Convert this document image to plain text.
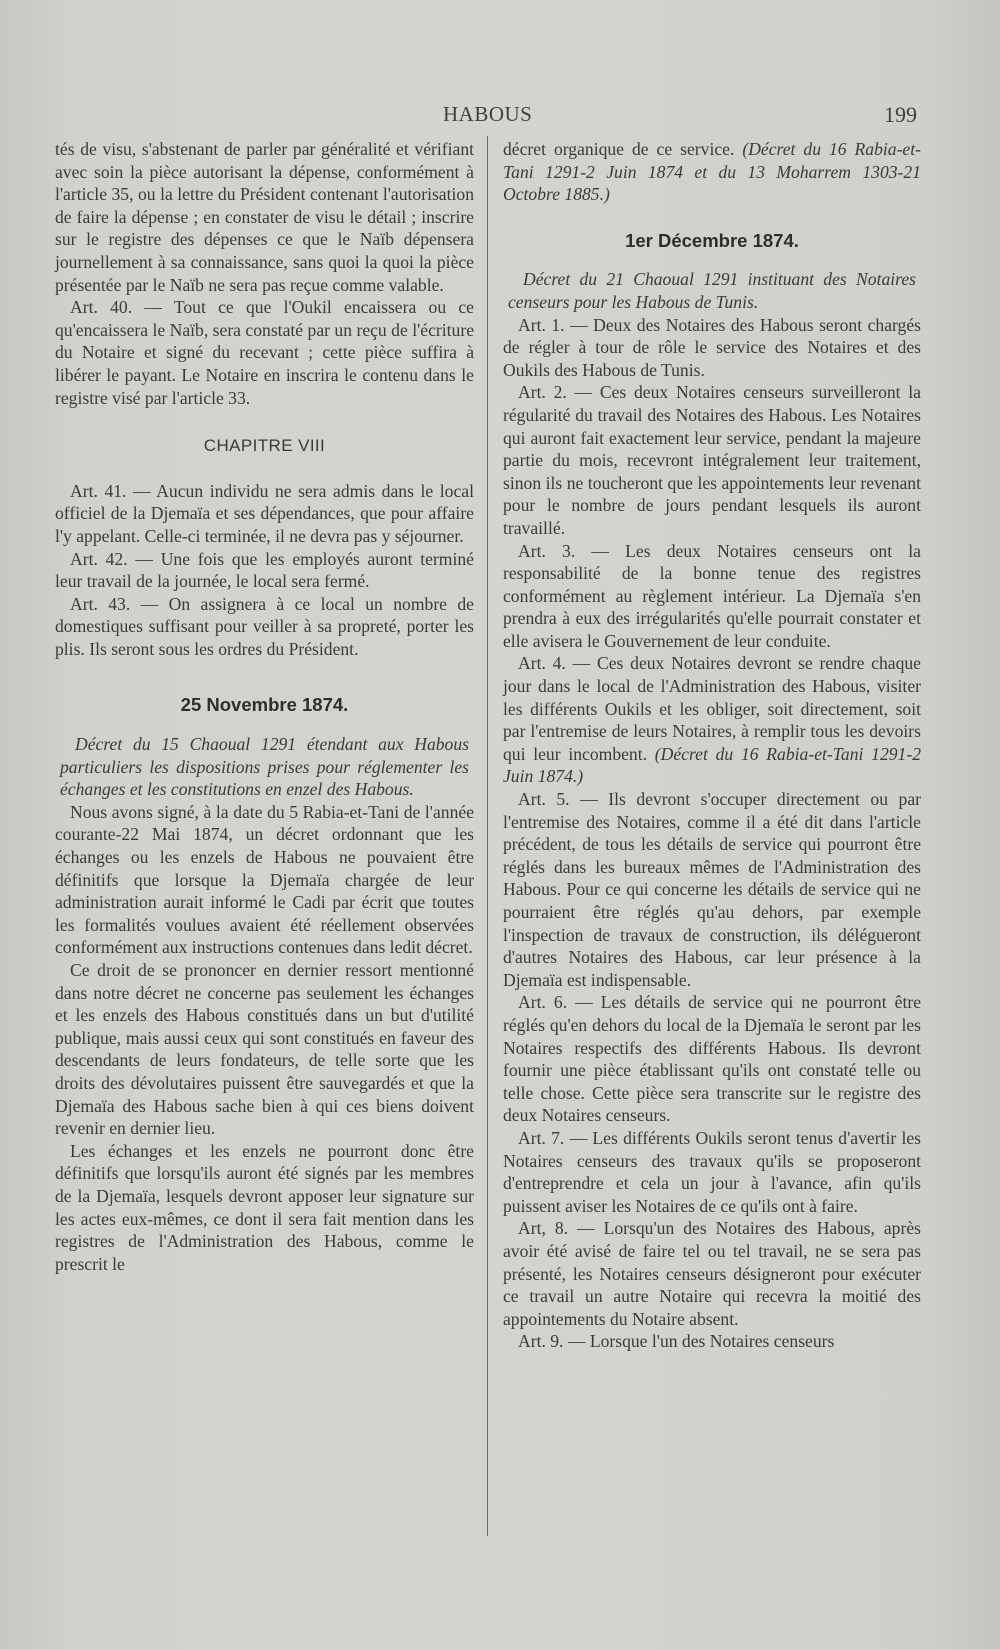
HABOUS	199

tés de visu, s'abstenant de parler par généralité et vérifiant avec soin la pièce autorisant la dépense, conformément à l'article 35, ou la lettre du Président contenant l'autorisation de faire la dépense ; en constater de visu le détail ; inscrire sur le registre des dépenses ce que le Naïb dépensera journellement à sa connaissance, sans quoi la quoi la pièce présentée par le Naïb ne sera pas reçue comme valable.

Art. 40. — Tout ce que l'Oukil encaissera ou ce qu'encaissera le Naïb, sera constaté par un reçu de l'écriture du Notaire et signé du recevant ; cette pièce suffira à libérer le payant. Le Notaire en inscrira le contenu dans le registre visé par l'article 33.

CHAPITRE VIII

Art. 41. — Aucun individu ne sera admis dans le local officiel de la Djemaïa et ses dépendances, que pour affaire l'y appelant. Celle-ci terminée, il ne devra pas y séjourner.

Art. 42. — Une fois que les employés auront terminé leur travail de la journée, le local sera fermé.

Art. 43. — On assignera à ce local un nombre de domestiques suffisant pour veiller à sa propreté, porter les plis. Ils seront sous les ordres du Président.

25 Novembre 1874.

Décret du 15 Chaoual 1291 étendant aux Habous particuliers les dispositions prises pour réglementer les échanges et les constitutions en enzel des Habous.

Nous avons signé, à la date du 5 Rabia-et-Tani de l'année courante-22 Mai 1874, un décret ordonnant que les échanges ou les enzels de Habous ne pouvaient être définitifs que lorsque la Djemaïa chargée de leur administration aurait informé le Cadi par écrit que toutes les formalités voulues avaient été réellement observées conformément aux instructions contenues dans ledit décret.

Ce droit de se prononcer en dernier ressort mentionné dans notre décret ne concerne pas seulement les échanges et les enzels des Habous constitués dans un but d'utilité publique, mais aussi ceux qui sont constitués en faveur des descendants de leurs fondateurs, de telle sorte que les droits des dévolutaires puissent être sauvegardés et que la Djemaïa des Habous sache bien à qui ces biens doivent revenir en dernier lieu.

Les échanges et les enzels ne pourront donc être définitifs que lorsqu'ils auront été signés par les membres de la Djemaïa, lesquels devront apposer leur signature sur les actes eux-mêmes, ce dont il sera fait mention dans les registres de l'Administration des Habous, comme le prescrit le

décret organique de ce service. (Décret du 16 Rabia-et-Tani 1291-2 Juin 1874 et du 13 Moharrem 1303-21 Octobre 1885.)

1er Décembre 1874.

Décret du 21 Chaoual 1291 instituant des Notaires censeurs pour les Habous de Tunis.

Art. 1. — Deux des Notaires des Habous seront chargés de régler à tour de rôle le service des Notaires et des Oukils des Habous de Tunis.

Art. 2. — Ces deux Notaires censeurs surveilleront la régularité du travail des Notaires des Habous. Les Notaires qui auront fait exactement leur service, pendant la majeure partie du mois, recevront intégralement leur traitement, sinon ils ne toucheront que les appointements leur revenant pour le nombre de jours pendant lesquels ils auront travaillé.

Art. 3. — Les deux Notaires censeurs ont la responsabilité de la bonne tenue des registres conformément au règlement intérieur. La Djemaïa s'en prendra à eux des irrégularités qu'elle pourrait constater et elle avisera le Gouvernement de leur conduite.

Art. 4. — Ces deux Notaires devront se rendre chaque jour dans le local de l'Administration des Habous, visiter les différents Oukils et les obliger, soit directement, soit par l'entremise de leurs Notaires, à remplir tous les devoirs qui leur incombent. (Décret du 16 Rabia-et-Tani 1291-2 Juin 1874.)

Art. 5. — Ils devront s'occuper directement ou par l'entremise des Notaires, comme il a été dit dans l'article précédent, de tous les détails de service qui pourront être réglés dans les bureaux mêmes de l'Administration des Habous. Pour ce qui concerne les détails de service qui ne pourraient être réglés qu'au dehors, par exemple l'inspection de travaux de construction, ils délégueront d'autres Notaires des Habous, car leur présence à la Djemaïa est indispensable.

Art. 6. — Les détails de service qui ne pourront être réglés qu'en dehors du local de la Djemaïa le seront par les Notaires respectifs des différents Habous. Ils devront fournir une pièce établissant qu'ils ont constaté telle ou telle chose. Cette pièce sera transcrite sur le registre des deux Notaires censeurs.

Art. 7. — Les différents Oukils seront tenus d'avertir les Notaires censeurs des travaux qu'ils se proposeront d'entreprendre et cela un jour à l'avance, afin qu'ils puissent aviser les Notaires de ce qu'ils ont à faire.

Art, 8. — Lorsqu'un des Notaires des Habous, après avoir été avisé de faire tel ou tel travail, ne se sera pas présenté, les Notaires censeurs désigneront pour exécuter ce travail un autre Notaire qui recevra la moitié des appointements du Notaire absent.

Art. 9. — Lorsque l'un des Notaires censeurs
